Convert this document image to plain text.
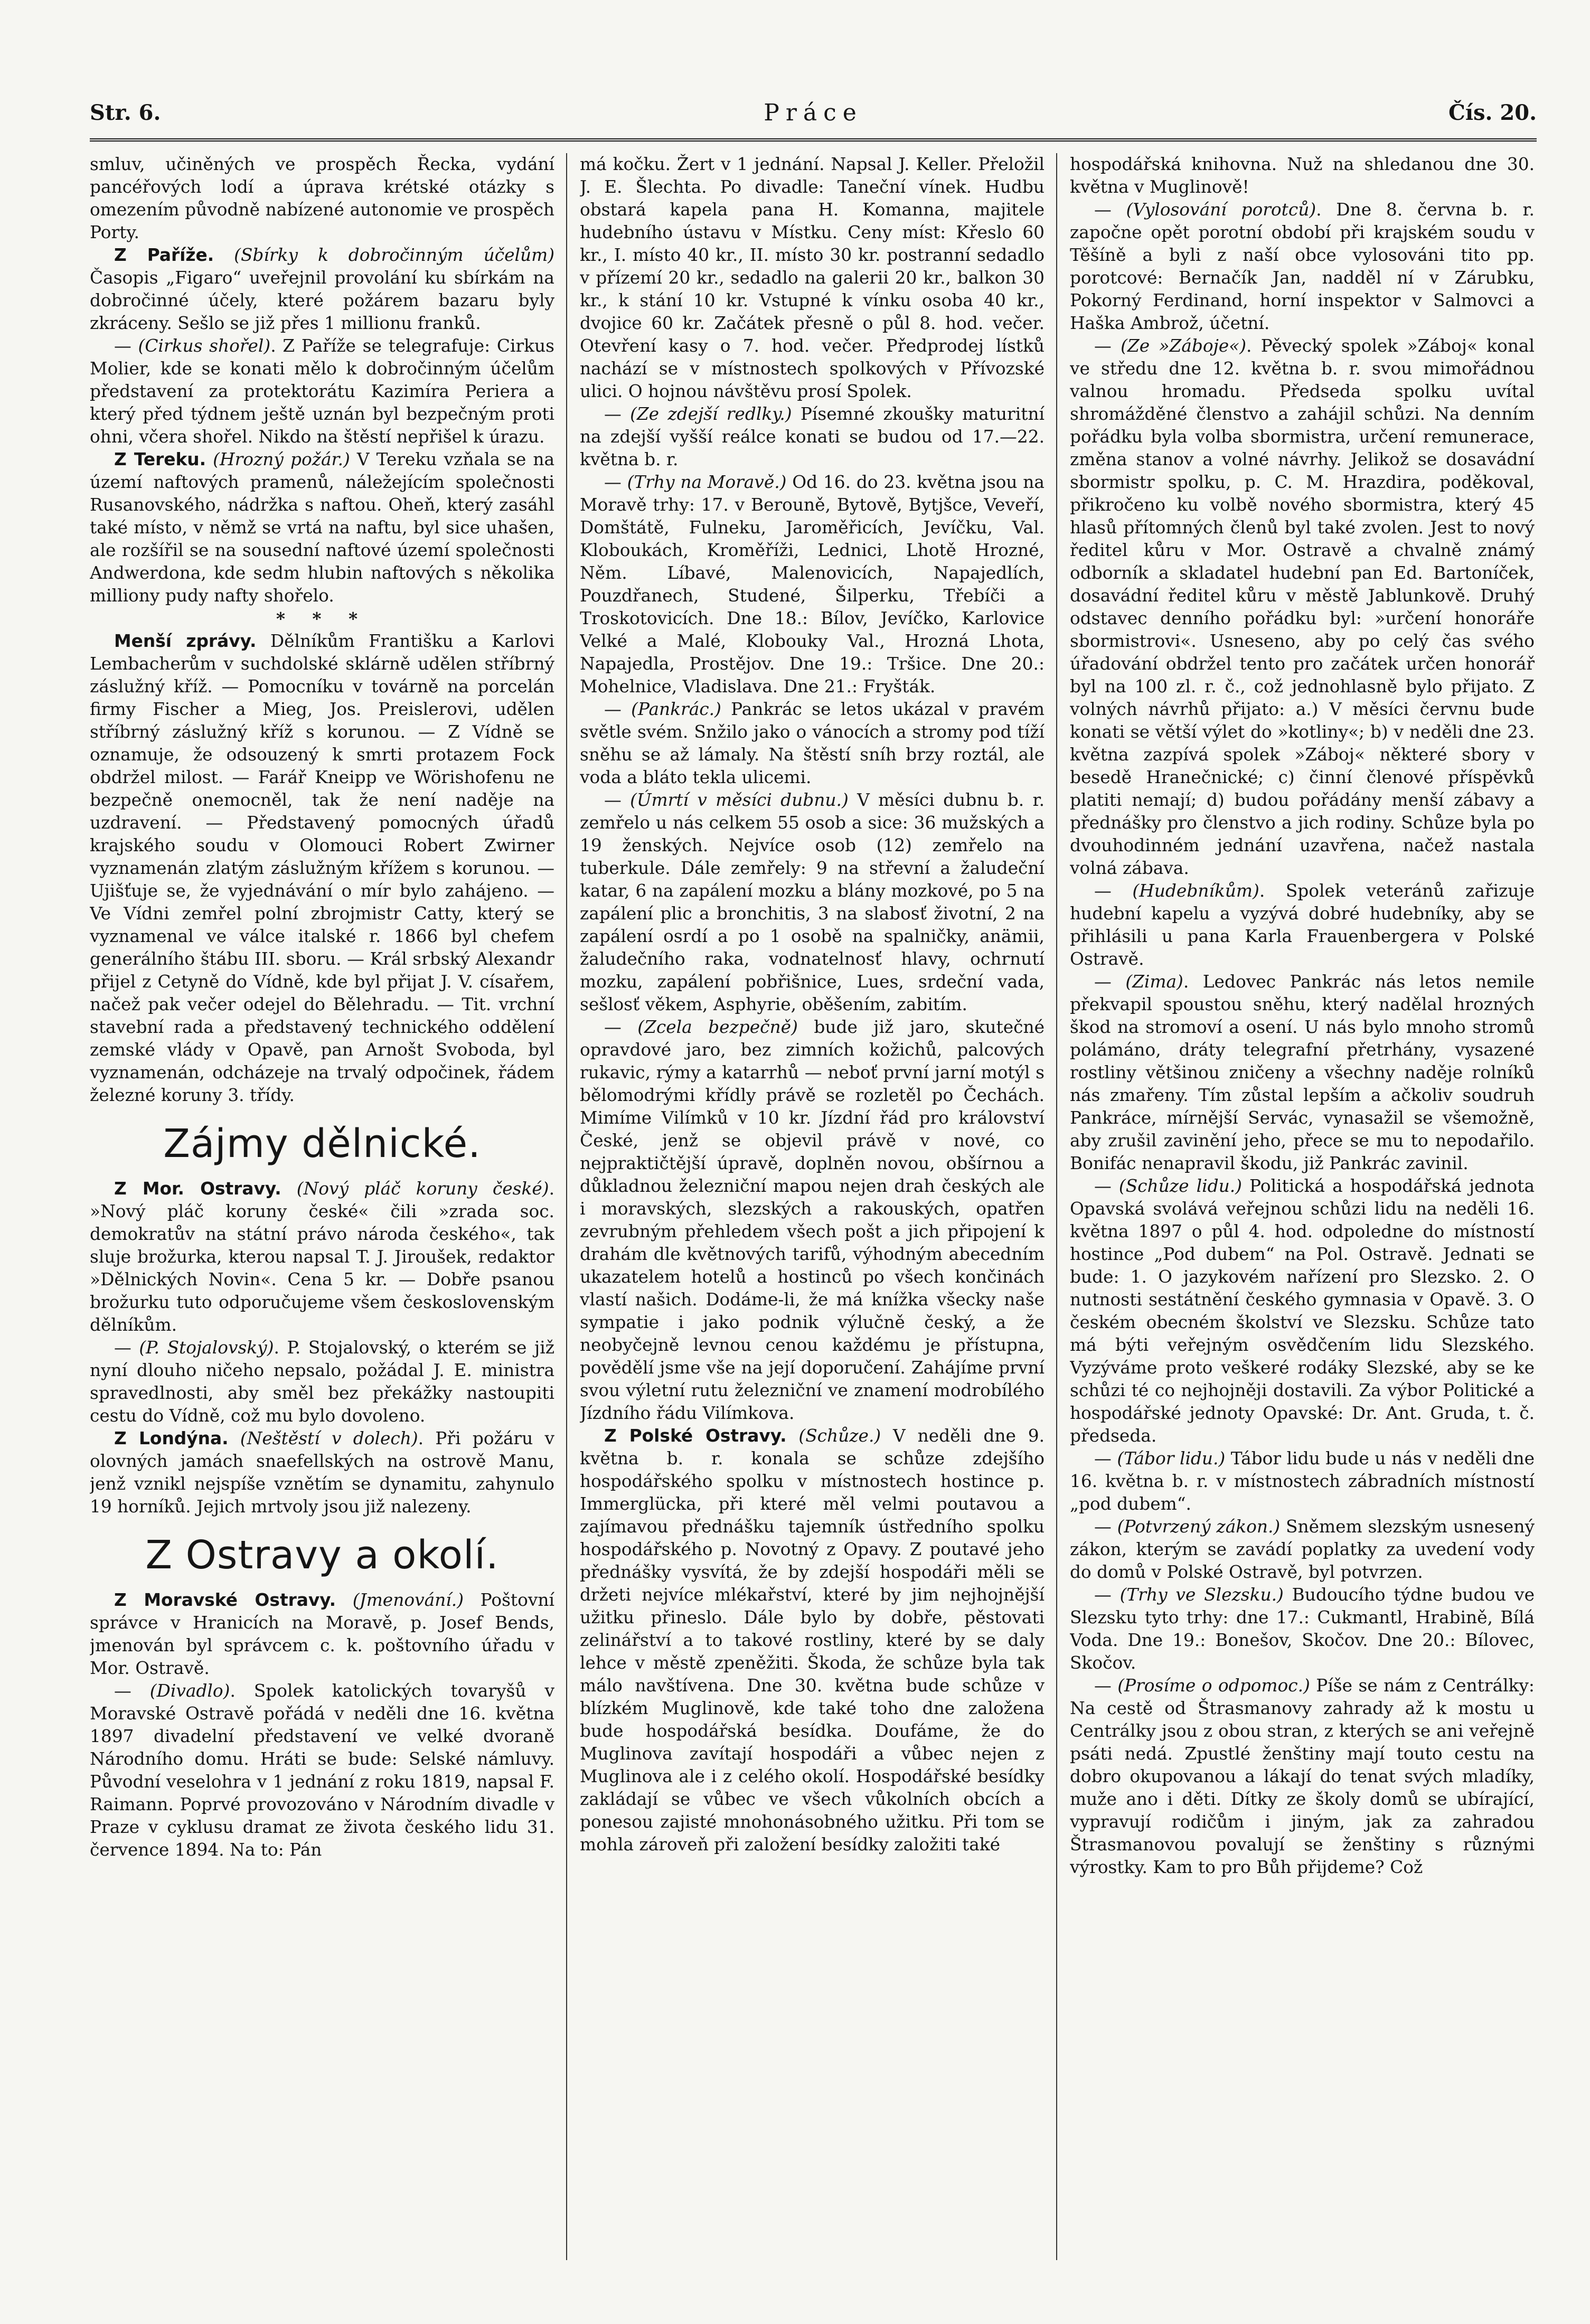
Str. 6.	Práce	Čís. 20.

smluv, učiněných ve prospěch Řecka, vydání pancéřových lodí a úprava krétské otázky s omezením původně nabízené autonomie ve prospěch Porty.

Z Paříže. (Sbírky k dobročinným účelům) Časopis „Figaro“ uveřejnil provolání ku sbírkám na dobročinné účely, které požárem bazaru byly zkráceny. Sešlo se již přes 1 millionu franků.

— (Cirkus shořel). Z Paříže se telegrafuje: Cirkus Molier, kde se konati mělo k dobročinným účelům představení za protektorátu Kazimíra Periera a který před týdnem ještě uznán byl bezpečným proti ohni, včera shořel. Nikdo na štěstí nepřišel k úrazu.

Z Tereku. (Hrozný požár.) V Tereku vzňala se na území naftových pramenů, náležejícím společnosti Rusanovského, nádržka s naftou. Oheň, který zasáhl také místo, v němž se vrtá na naftu, byl sice uhašen, ale rozšířil se na sousední naftové území společnosti Andwerdona, kde sedm hlubin naftových s několika milliony pudy nafty shořelo.

* * *

Menší zprávy. Dělníkům Františku a Karlovi Lembacherům v suchdolské sklárně udělen stříbrný záslužný kříž. — Pomocníku v továrně na porcelán firmy Fischer a Mieg, Jos. Preislerovi, udělen stříbrný záslužný kříž s korunou. — Z Vídně se oznamuje, že odsouzený k smrti protazem Fock obdržel milost. — Farář Kneipp ve Wörishofenu ne bezpečně onemocněl, tak že není naděje na uzdravení. — Představený pomocných úřadů krajského soudu v Olomouci Robert Zwirner vyznamenán zlatým záslužným křížem s korunou. — Ujišťuje se, že vyjednávání o mír bylo zahájeno. — Ve Vídni zemřel polní zbrojmistr Catty, který se vyznamenal ve válce italské r. 1866 byl chefem generálního štábu III. sboru. — Král srbský Alexandr přijel z Cetyně do Vídně, kde byl přijat J. V. císařem, načež pak večer odejel do Bělehradu. — Tit. vrchní stavební rada a představený technického oddělení zemské vlády v Opavě, pan Arnošt Svoboda, byl vyznamenán, odcházeje na trvalý odpočinek, řádem železné koruny 3. třídy.

Zájmy dělnické.

Z Mor. Ostravy. (Nový pláč koruny české). »Nový pláč koruny české« čili »zrada soc. demokratův na státní právo národa českého«, tak sluje brožurka, kterou napsal T. J. Jiroušek, redaktor »Dělnických Novin«. Cena 5 kr. — Dobře psanou brožurku tuto odporučujeme všem československým dělníkům.

— (P. Stojalovský). P. Stojalovský, o kterém se již nyní dlouho ničeho nepsalo, požádal J. E. ministra spravedlnosti, aby směl bez překážky nastoupiti cestu do Vídně, což mu bylo dovoleno.

Z Londýna. (Neštěstí v dolech). Při požáru v olovných jamách snaefellských na ostrově Manu, jenž vznikl nejspíše vznětím se dynamitu, zahynulo 19 horníků. Jejich mrtvoly jsou již nalezeny.

Z Ostravy a okolí.

Z Moravské Ostravy. (Jmenování.) Poštovní správce v Hranicích na Moravě, p. Josef Bends, jmenován byl správcem c. k. poštovního úřadu v Mor. Ostravě.

— (Divadlo). Spolek katolických tovaryšů v Moravské Ostravě pořádá v neděli dne 16. května 1897 divadelní představení ve velké dvoraně Národního domu. Hráti se bude: Selské námluvy. Původní veselohra v 1 jednání z roku 1819, napsal F. Raimann. Poprvé provozováno v Národním divadle v Praze v cyklusu dramat ze života českého lidu 31. července 1894. Na to: Pán

má kočku. Žert v 1 jednání. Napsal J. Keller. Přeložil J. E. Šlechta. Po divadle: Taneční vínek. Hudbu obstará kapela pana H. Komanna, majitele hudebního ústavu v Místku. Ceny míst: Křeslo 60 kr., I. místo 40 kr., II. místo 30 kr. postranní sedadlo v přízemí 20 kr., sedadlo na galerii 20 kr., balkon 30 kr., k stání 10 kr. Vstupné k vínku osoba 40 kr., dvojice 60 kr. Začátek přesně o půl 8. hod. večer. Otevření kasy o 7. hod. večer. Předprodej lístků nachází se v místnostech spolkových v Přívozské ulici. O hojnou návštěvu prosí Spolek.

— (Ze zdejší redlky.) Písemné zkoušky maturitní na zdejší vyšší reálce konati se budou od 17.—22. května b. r.

— (Trhy na Moravě.) Od 16. do 23. května jsou na Moravě trhy: 17. v Berouně, Bytově, Bytjšce, Veveří, Domštátě, Fulneku, Jaroměřicích, Jevíčku, Val. Kloboukách, Kroměříži, Lednici, Lhotě Hrozné, Něm. Líbavé, Malenovicích, Napajedlích, Pouzdřanech, Studené, Šilperku, Třebíči a Troskotovicích. Dne 18.: Bílov, Jevíčko, Karlovice Velké a Malé, Klobouky Val., Hrozná Lhota, Napajedla, Prostějov. Dne 19.: Tršice. Dne 20.: Mohelnice, Vladislava. Dne 21.: Fryšták.

— (Pankrác.) Pankrác se letos ukázal v pravém světle svém. Snžilo jako o vánocích a stromy pod tíží sněhu se až lámaly. Na štěstí sníh brzy roztál, ale voda a bláto tekla ulicemi.

— (Úmrtí v měsíci dubnu.) V měsíci dubnu b. r. zemřelo u nás celkem 55 osob a sice: 36 mužských a 19 ženských. Nejvíce osob (12) zemřelo na tuberkule. Dále zemřely: 9 na střevní a žaludeční katar, 6 na zapálení mozku a blány mozkové, po 5 na zapálení plic a bronchitis, 3 na slabosť životní, 2 na zapálení osrdí a po 1 osobě na spalničky, anämii, žaludečního raka, vodnatelnosť hlavy, ochrnutí mozku, zapálení pobřišnice, Lues, srdeční vada, sešlosť věkem, Asphyrie, oběšením, zabitím.

— (Zcela bezpečně) bude již jaro, skutečné opravdové jaro, bez zimních kožichů, palcových rukavic, rýmy a katarrhů — neboť první jarní motýl s bělomodrými křídly právě se rozletěl po Čechách. Mimíme Vilímků v 10 kr. Jízdní řád pro království České, jenž se objevil právě v nové, co nejpraktičtější úpravě, doplněn novou, obšírnou a důkladnou železniční mapou nejen drah českých ale i moravských, slezských a rakouských, opatřen zevrubným přehledem všech pošt a jich připojení k drahám dle květnových tarifů, výhodným abecedním ukazatelem hotelů a hostinců po všech končinách vlastí našich. Dodáme-li, že má knížka všecky naše sympatie i jako podnik výlučně český, a že neobyčejně levnou cenou každému je přístupna, povědělí jsme vše na její doporučení. Zahájíme první svou výletní rutu železniční ve znamení modrobílého Jízdního řádu Vilímkova.

Z Polské Ostravy. (Schůze.) V neděli dne 9. května b. r. konala se schůze zdejšího hospodářského spolku v místnostech hostince p. Immerglücka, při které měl velmi poutavou a zajímavou přednášku tajemník ústředního spolku hospodářského p. Novotný z Opavy. Z poutavé jeho přednášky vysvítá, že by zdejší hospodáři měli se držeti nejvíce mlékařství, které by jim nejhojnější užitku přineslo. Dále bylo by dobře, pěstovati zelinářství a to takové rostliny, které by se daly lehce v městě zpeněžiti. Škoda, že schůze byla tak málo navštívena. Dne 30. května bude schůze v blízkém Muglinově, kde také toho dne založena bude hospodářská besídka. Doufáme, že do Muglinova zavítají hospodáři a vůbec nejen z Muglinova ale i z celého okolí. Hospodářské besídky zakládají se vůbec ve všech vůkolních obcích a ponesou zajisté mnohonásobného užitku. Při tom se mohla zároveň při založení besídky založiti také

hospodářská knihovna. Nuž na shledanou dne 30. května v Muglinově!

— (Vylosování porotců). Dne 8. června b. r. započne opět porotní období při krajském soudu v Těšíně a byli z naší obce vylosováni tito pp. porotcové: Bernačík Jan, nadděl ní v Zárubku, Pokorný Ferdinand, horní inspektor v Salmovci a Haška Ambrož, účetní.

— (Ze »Záboje«). Pěvecký spolek »Záboj« konal ve středu dne 12. května b. r. svou mimořádnou valnou hromadu. Předseda spolku uvítal shromážděné členstvo a zahájil schůzi. Na denním pořádku byla volba sbormistra, určení remunerace, změna stanov a volné návrhy. Jelikož se dosavádní sbormistr spolku, p. C. M. Hrazdira, poděkoval, přikročeno ku volbě nového sbormistra, který 45 hlasů přítomných členů byl také zvolen. Jest to nový ředitel kůru v Mor. Ostravě a chvalně známý odborník a skladatel hudební pan Ed. Bartoníček, dosavádní ředitel kůru v městě Jablunkově. Druhý odstavec denního pořádku byl: »určení honoráře sbormistrovi«. Usneseno, aby po celý čas svého úřadování obdržel tento pro začátek určen honorář byl na 100 zl. r. č., což jednohlasně bylo přijato. Z volných návrhů přijato: a.) V měsíci červnu bude konati se větší výlet do »kotliny«; b) v neděli dne 23. května zazpívá spolek »Záboj« některé sbory v besedě Hranečnické; c) činní členové příspěvků platiti nemají; d) budou pořádány menší zábavy a přednášky pro členstvo a jich rodiny. Schůze byla po dvouhodinném jednání uzavřena, načež nastala volná zábava.

— (Hudebníkům). Spolek veteránů zařizuje hudební kapelu a vyzývá dobré hudebníky, aby se přihlásili u pana Karla Frauenbergera v Polské Ostravě.

— (Zima). Ledovec Pankrác nás letos nemile překvapil spoustou sněhu, který nadělal hrozných škod na stromoví a osení. U nás bylo mnoho stromů polámáno, dráty telegrafní přetrhány, vysazené rostliny většinou zničeny a všechny naděje rolníků nás zmařeny. Tím zůstal lepším a ačkoliv soudruh Pankráce, mírnější Servác, vynasažil se všemožně, aby zrušil zavinění jeho, přece se mu to nepodařilo. Bonifác nenapravil škodu, již Pankrác zavinil.

— (Schůze lidu.) Politická a hospodářská jednota Opavská svolává veřejnou schůzi lidu na neděli 16. května 1897 o půl 4. hod. odpoledne do místností hostince „Pod dubem“ na Pol. Ostravě. Jednati se bude: 1. O jazykovém nařízení pro Slezsko. 2. O nutnosti sestátnění českého gymnasia v Opavě. 3. O českém obecném školství ve Slezsku. Schůze tato má býti veřejným osvědčením lidu Slezského. Vyzýváme proto veškeré rodáky Slezské, aby se ke schůzi té co nejhojněji dostavili. Za výbor Politické a hospodářské jednoty Opavské: Dr. Ant. Gruda, t. č. předseda.

— (Tábor lidu.) Tábor lidu bude u nás v neděli dne 16. května b. r. v místnostech zábradních místností „pod dubem“.

— (Potvrzený zákon.) Sněmem slezským usnesený zákon, kterým se zavádí poplatky za uvedení vody do domů v Polské Ostravě, byl potvrzen.

— (Trhy ve Slezsku.) Budoucího týdne budou ve Slezsku tyto trhy: dne 17.: Cukmantl, Hrabině, Bílá Voda. Dne 19.: Bonešov, Skočov. Dne 20.: Bílovec, Skočov.

— (Prosíme o odpomoc.) Píše se nám z Centrálky: Na cestě od Štrasmanovy zahrady až k mostu u Centrálky jsou z obou stran, z kterých se ani veřejně psáti nedá. Zpustlé ženštiny mají touto cestu na dobro okupovanou a lákají do tenat svých mladíky, muže ano i děti. Dítky ze školy domů se ubírající, vypravují rodičům i jiným, jak za zahradou Štrasmanovou povalují se ženštiny s různými výrostky. Kam to pro Bůh přijdeme? Což
